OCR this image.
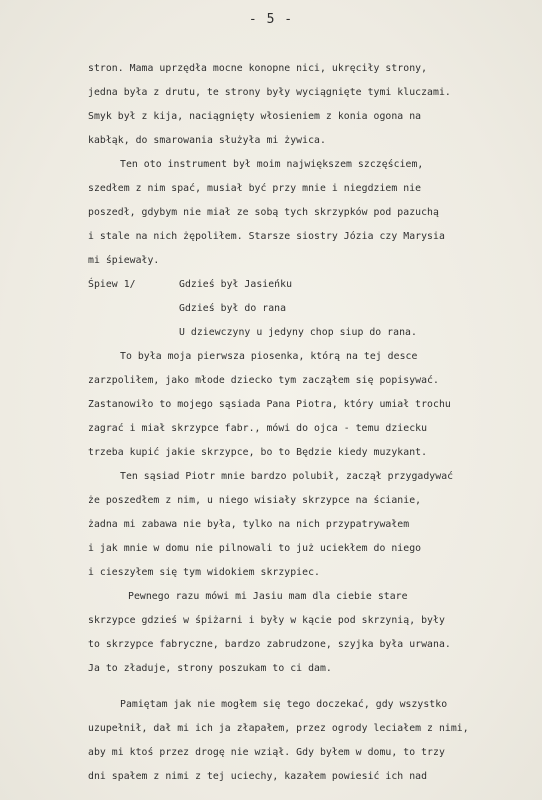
- 5 -
stron. Mama uprzędła mocne konopne nici, ukręciły strony,
jedna była z drutu, te strony były wyciągnięte tymi kluczami.
Smyk był z kija, naciągnięty włosieniem z konia ogona na
kabłąk, do smarowania służyła mi żywica.
Ten oto instrument był moim największem szczęściem,
szedłem z nim spać, musiał być przy mnie i niegdziem nie
poszedł, gdybym nie miał ze sobą tych skrzypków pod pazuchą
i stale na nich żępoliłem. Starsze siostry Józia czy Marysia
mi śpiewały.
Śpiew 1/	Gdzieś był Jasieńku
Gdzieś był do rana
U dziewczyny u jedyny chop siup do rana.
To była moja pierwsza piosenka, którą na tej desce
zarzpoliłem, jako młode dziecko tym zacząłem się popisywać.
Zastanowiło to mojego sąsiada Pana Piotra, który umiał trochu
zagrać i miał skrzypce fabr., mówi do ojca - temu dziecku
trzeba kupić jakie skrzypce, bo to Będzie kiedy muzykant.
Ten sąsiad Piotr mnie bardzo polubił, zaczął przygadywać
że poszedłem z nim, u niego wisiały skrzypce na ścianie,
żadna mi zabawa nie była, tylko na nich przypatrywałem
i jak mnie w domu nie pilnowali to już uciekłem do niego
i cieszyłem się tym widokiem skrzypiec.
Pewnego razu mówi mi Jasiu mam dla ciebie stare
skrzypce gdzieś w śpiżarni i były w kącie pod skrzynią, były
to skrzypce fabryczne, bardzo zabrudzone, szyjka była urwana.
Ja to zładuje, strony poszukam to ci dam.
Pamiętam jak nie mogłem się tego doczekać, gdy wszystko
uzupełnił, dał mi ich ja złapałem, przez ogrody leciałem z nimi,
aby mi ktoś przez drogę nie wziął. Gdy byłem w domu, to trzy
dni spałem z nimi z tej uciechy, kazałem powiesić ich nad
